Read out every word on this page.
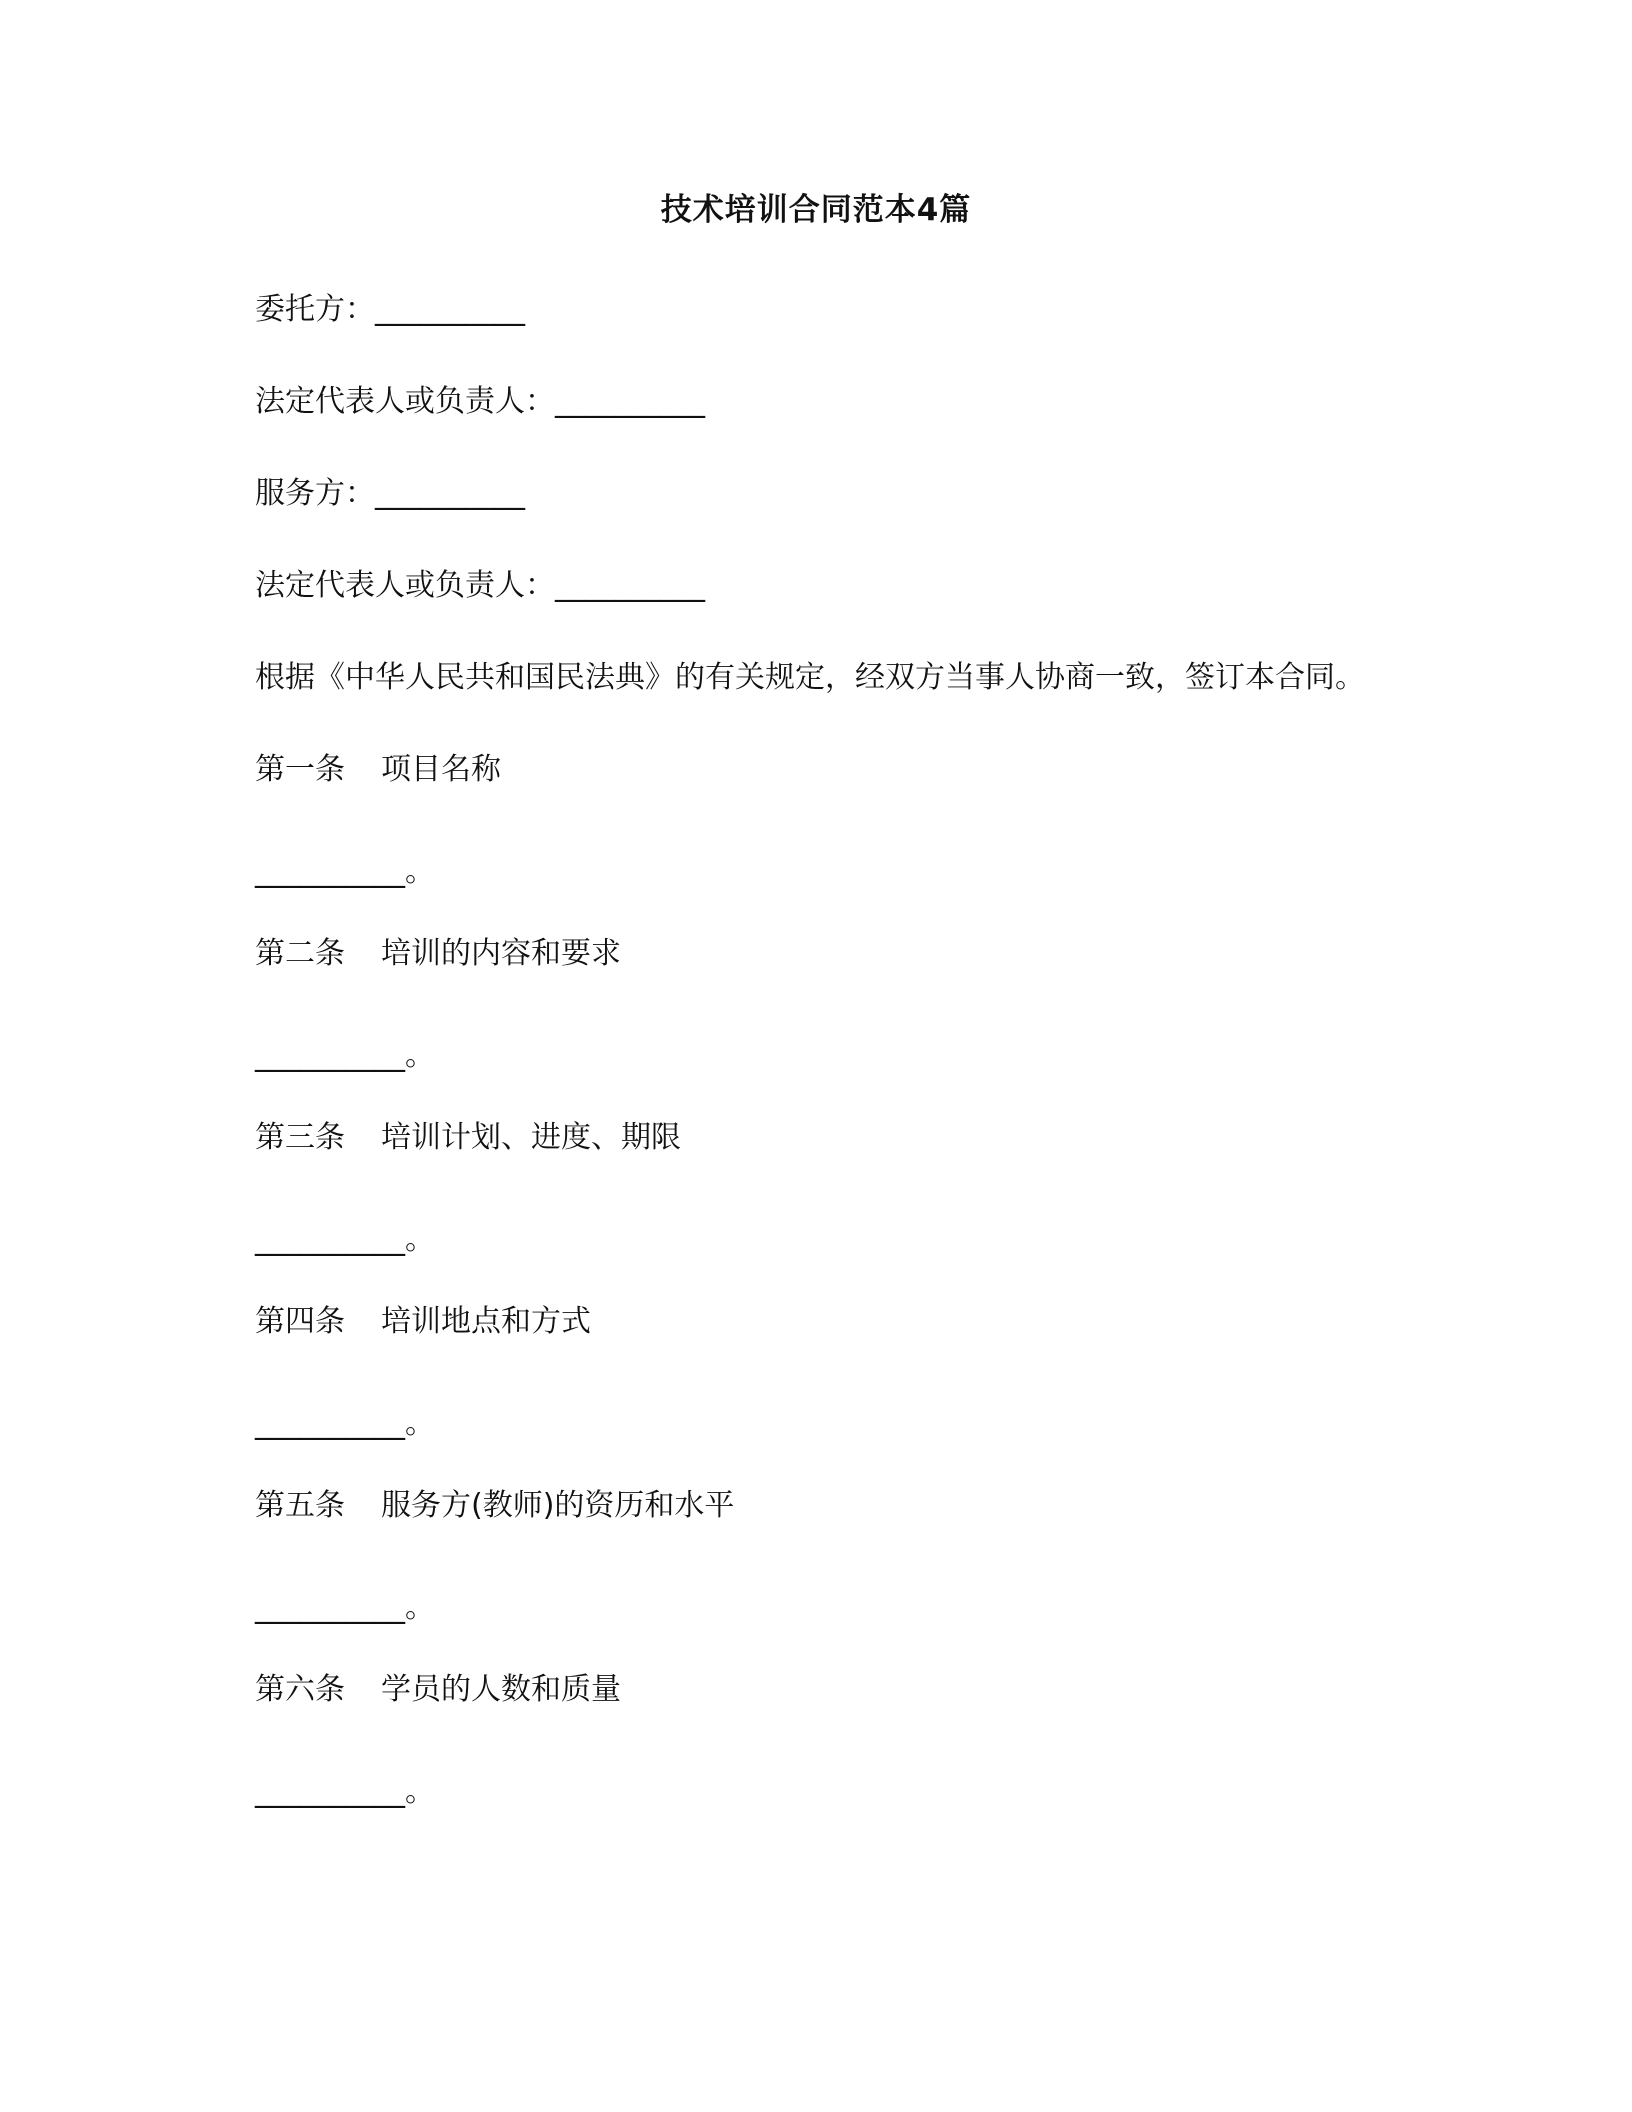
技术培训合同范本4篇
委托方：__________
法定代表人或负责人：__________
服务方：__________
法定代表人或负责人：__________
根据《中华人民共和国民法典》的有关规定，经双方当事人协商一致，签订本合同。
第一条 项目名称
__________。
第二条 培训的内容和要求
__________。
第三条 培训计划、进度、期限
__________。
第四条 培训地点和方式
__________。
第五条 服务方(教师)的资历和水平
__________。
第六条 学员的人数和质量
__________。
